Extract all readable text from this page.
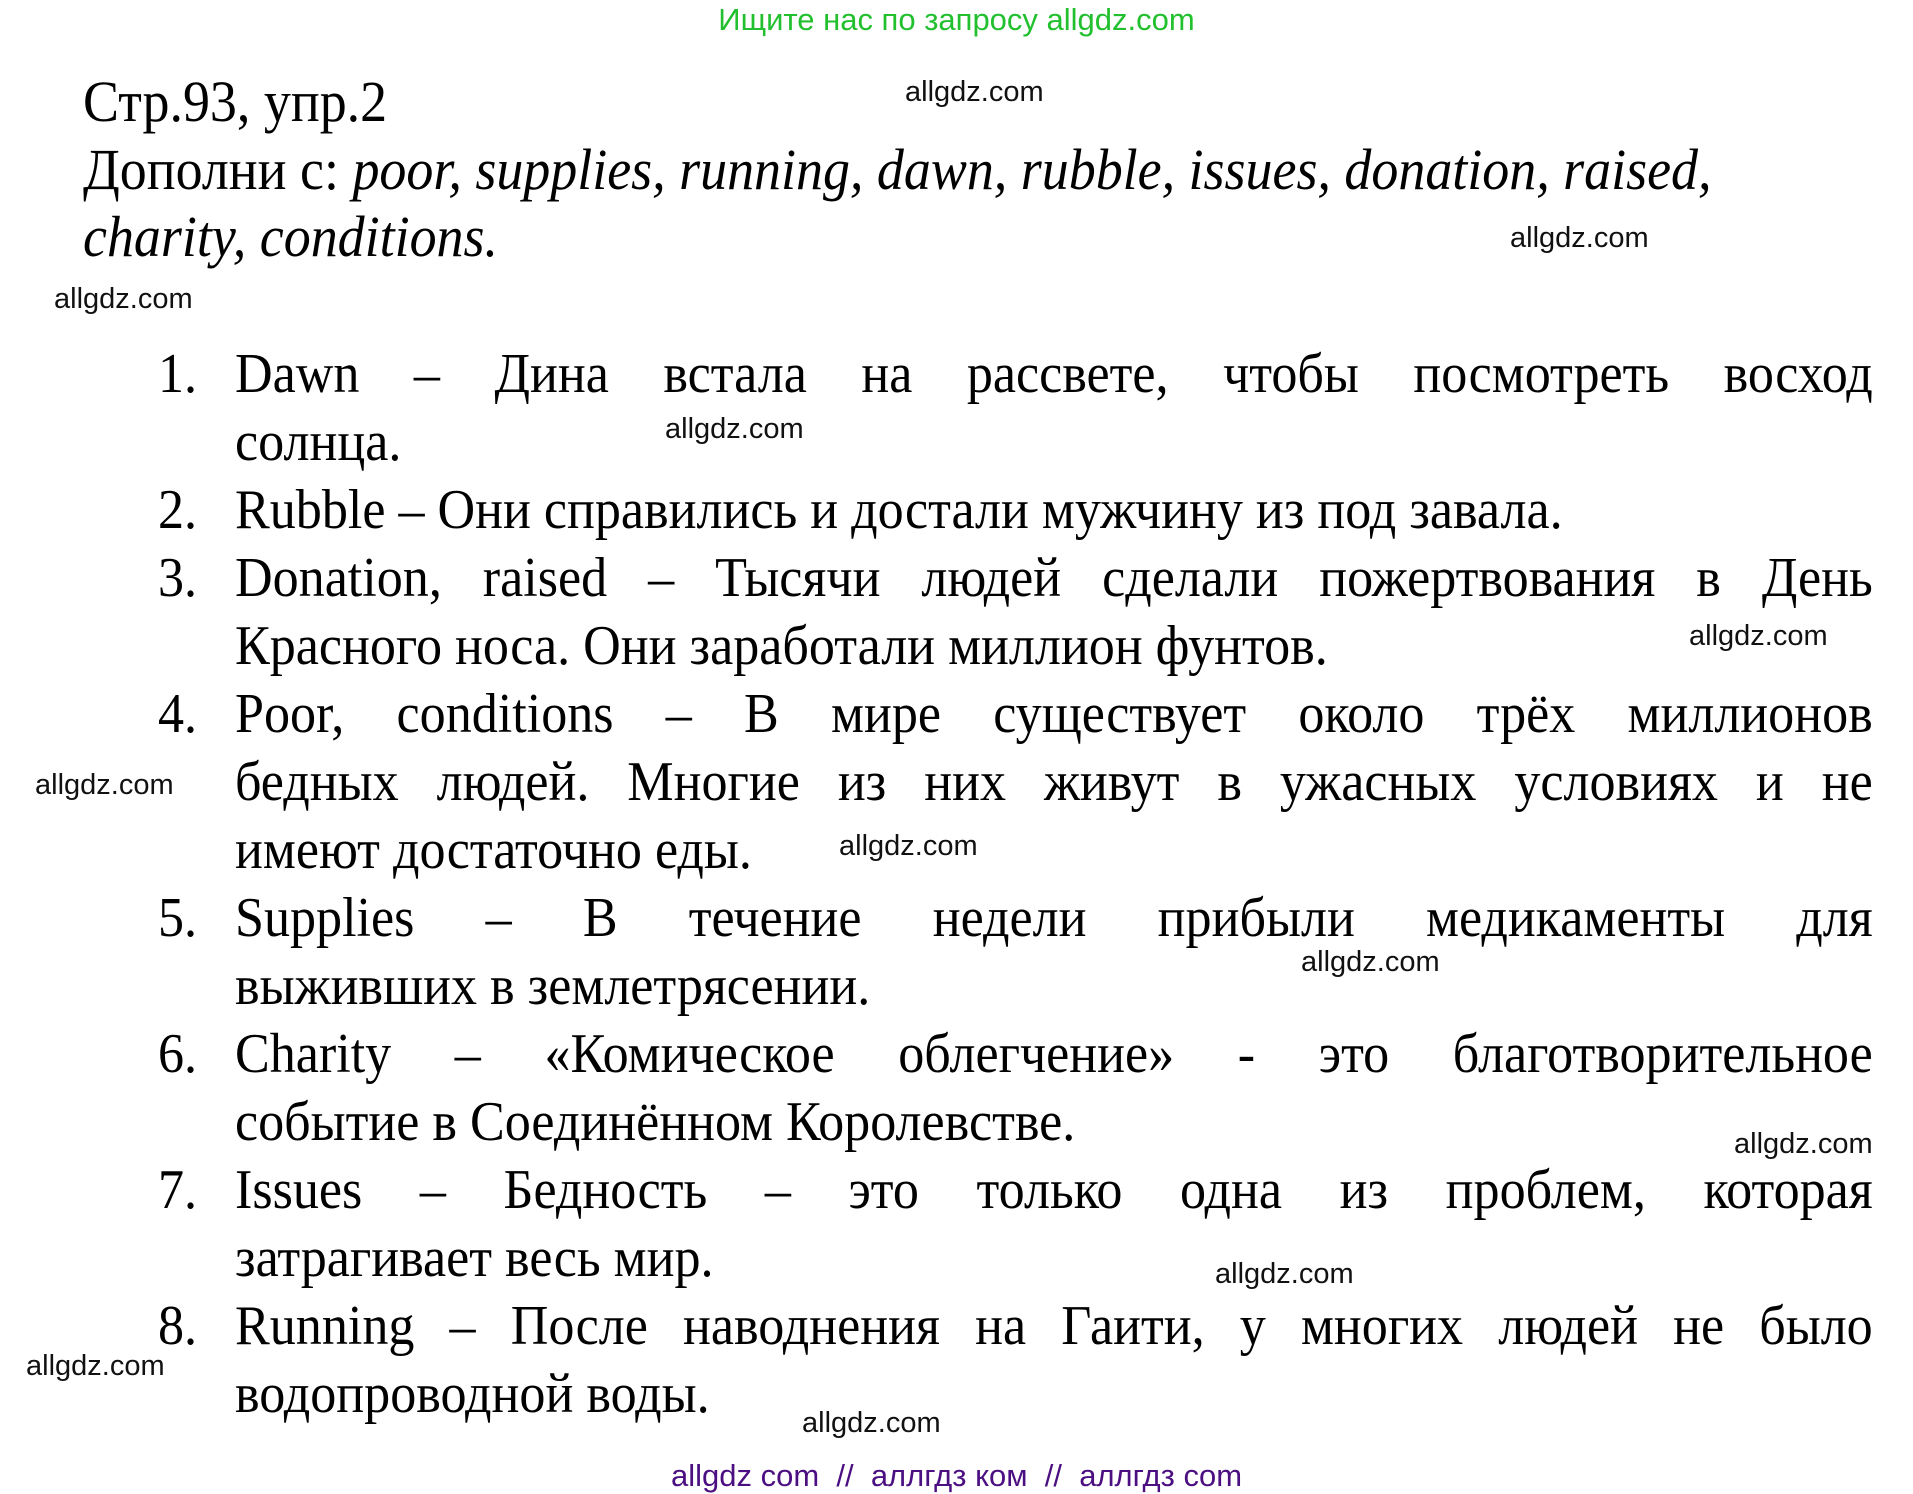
Ищите нас по запросу allgdz.com
Стр.93, упр.2
Дополни с: poor, supplies, running, dawn, rubble, issues, donation, raised,
charity, conditions.
1. Dawn – Дина встала на рассвете, чтобы посмотреть восход
солнца.
2. Rubble – Они справились и достали мужчину из под завала.
3. Donation, raised – Тысячи людей сделали пожертвования в День
Красного носа. Они заработали миллион фунтов.
4. Poor, conditions – В мире существует около трёх миллионов
бедных людей. Многие из них живут в ужасных условиях и не
имеют достаточно еды.
5. Supplies – В течение недели прибыли медикаменты для
выживших в землетрясении.
6. Charity – «Комическое облегчение» - это благотворительное
событие в Соединённом Королевстве.
7. Issues – Бедность – это только одна из проблем, которая
затрагивает весь мир.
8. Running – После наводнения на Гаити, у многих людей не было
водопроводной воды.
allgdz.com
allgdz.com
allgdz.com
allgdz.com
allgdz.com
allgdz.com
allgdz.com
allgdz.com
allgdz.com
allgdz.com
allgdz.com
allgdz.com
allgdz com  //  аллгдз ком  //  аллгдз com
